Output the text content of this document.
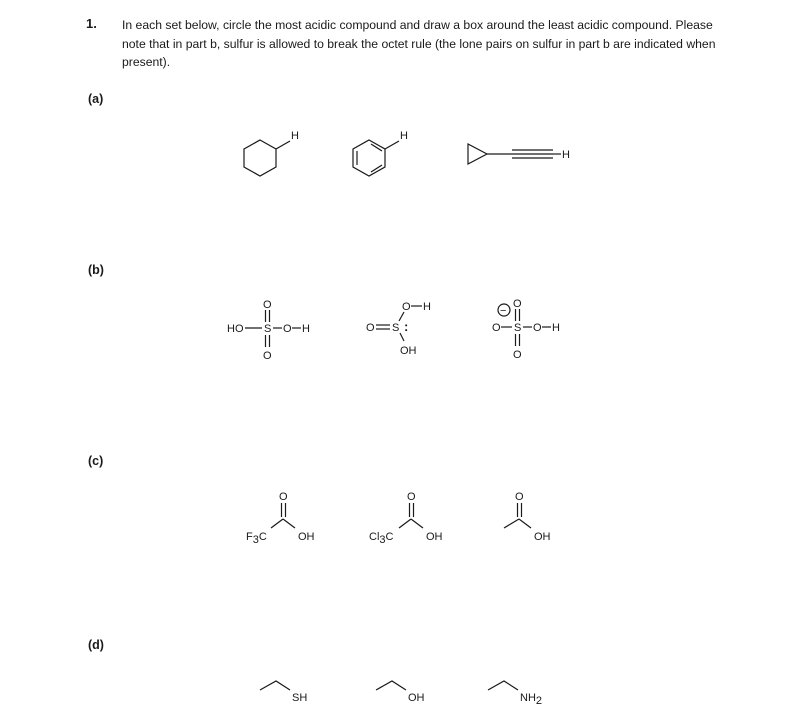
1. In each set below, circle the most acidic compound and draw a box around the least acidic compound. Please note that in part b, sulfur is allowed to break the octet rule (the lone pairs on sulfur in part b are indicated when present).
(a)
(b)
(c)
(d)
H	H
H
O
HO S O H
O
O H
O S :
OH
−
O
O S O H
O
O
F3C	OH
O
Cl3C	OH
O
OH
SH	OH	NH2
